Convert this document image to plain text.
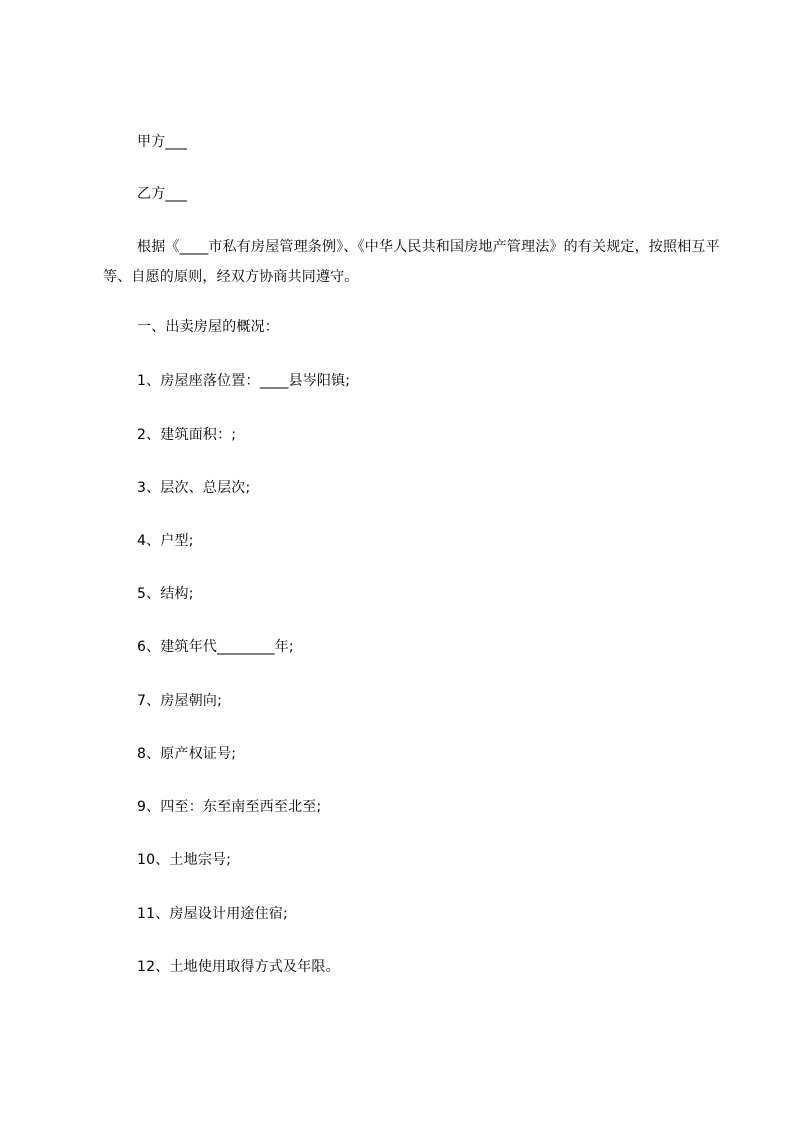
甲方___
乙方___
根据《____市私有房屋管理条例》、《中华人民共和国房地产管理法》的有关规定，按照相互平等、自愿的原则，经双方协商共同遵守。
一、出卖房屋的概况：
1、房屋座落位置：____县岑阳镇;
2、建筑面积：;
3、层次、总层次;
4、户型;
5、结构;
6、建筑年代________年;
7、房屋朝向;
8、原产权证号;
9、四至：东至南至西至北至;
10、土地宗号;
11、房屋设计用途住宿;
12、土地使用取得方式及年限。
